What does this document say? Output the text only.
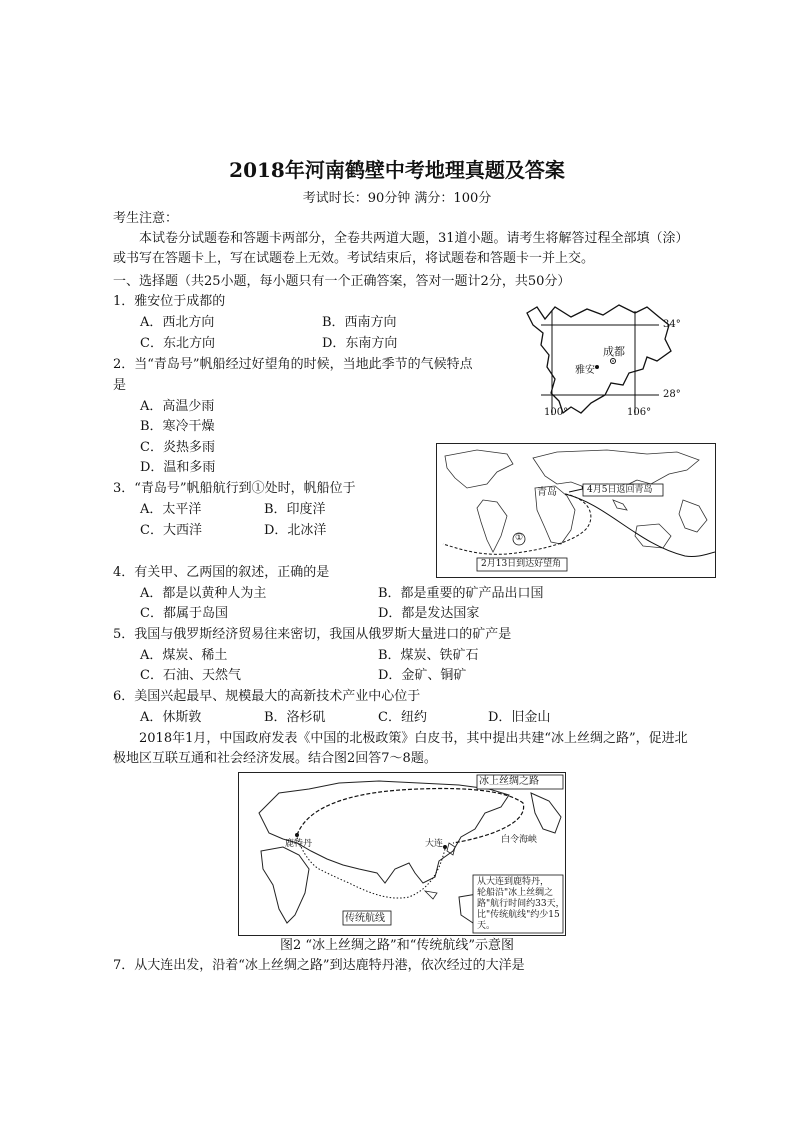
2018年河南鹤壁中考地理真题及答案
考试时长：90分钟 满分：100分
考生注意：
本试卷分试题卷和答题卡两部分，全卷共两道大题，31道小题。请考生将解答过程全部填（涂）或书写在答题卡上，写在试题卷上无效。考试结束后，将试题卷和答题卡一并上交。
一、选择题（共25小题，每小题只有一个正确答案，答对一题计2分，共50分）
1．雅安位于成都的
A．西北方向	B．西南方向
C．东北方向	D．东南方向
2．当“青岛号”帆船经过好望角的时候，当地此季节的气候特点
是
A．高温少雨
B．寒冷干燥
C．炎热多雨
D．温和多雨
3．“青岛号”帆船航行到①处时，帆船位于
A．太平洋	B．印度洋
C．大西洋	D．北冰洋
4．有关甲、乙两国的叙述，正确的是
A．都是以黄种人为主	B．都是重要的矿产品出口国
C．都属于岛国	D．都是发达国家
5．我国与俄罗斯经济贸易往来密切，我国从俄罗斯大量进口的矿产是
A．煤炭、稀土	B．煤炭、铁矿石
C．石油、天然气	D．金矿、铜矿
6．美国兴起最早、规模最大的高新技术产业中心位于
A．休斯敦	B．洛杉矶	C．纽约	D．旧金山
2018年1月，中国政府发表《中国的北极政策》白皮书，其中提出共建“冰上丝绸之路”，促进北极地区互联互通和社会经济发展。结合图2回答7～8题。
34°
28°
100°	106°
成都
雅安
青岛	4月5日返回青岛
2月13日到达好望角
①
冰上丝绸之路
白令海峡
鹿特丹	大连
传统航线
从大连到鹿特丹，
轮船沿"冰上丝绸之
路"航行时间约33天，
比"传统航线"约少15
天。
图2 “冰上丝绸之路”和“传统航线”示意图
7．从大连出发，沿着“冰上丝绸之路”到达鹿特丹港，依次经过的大洋是
